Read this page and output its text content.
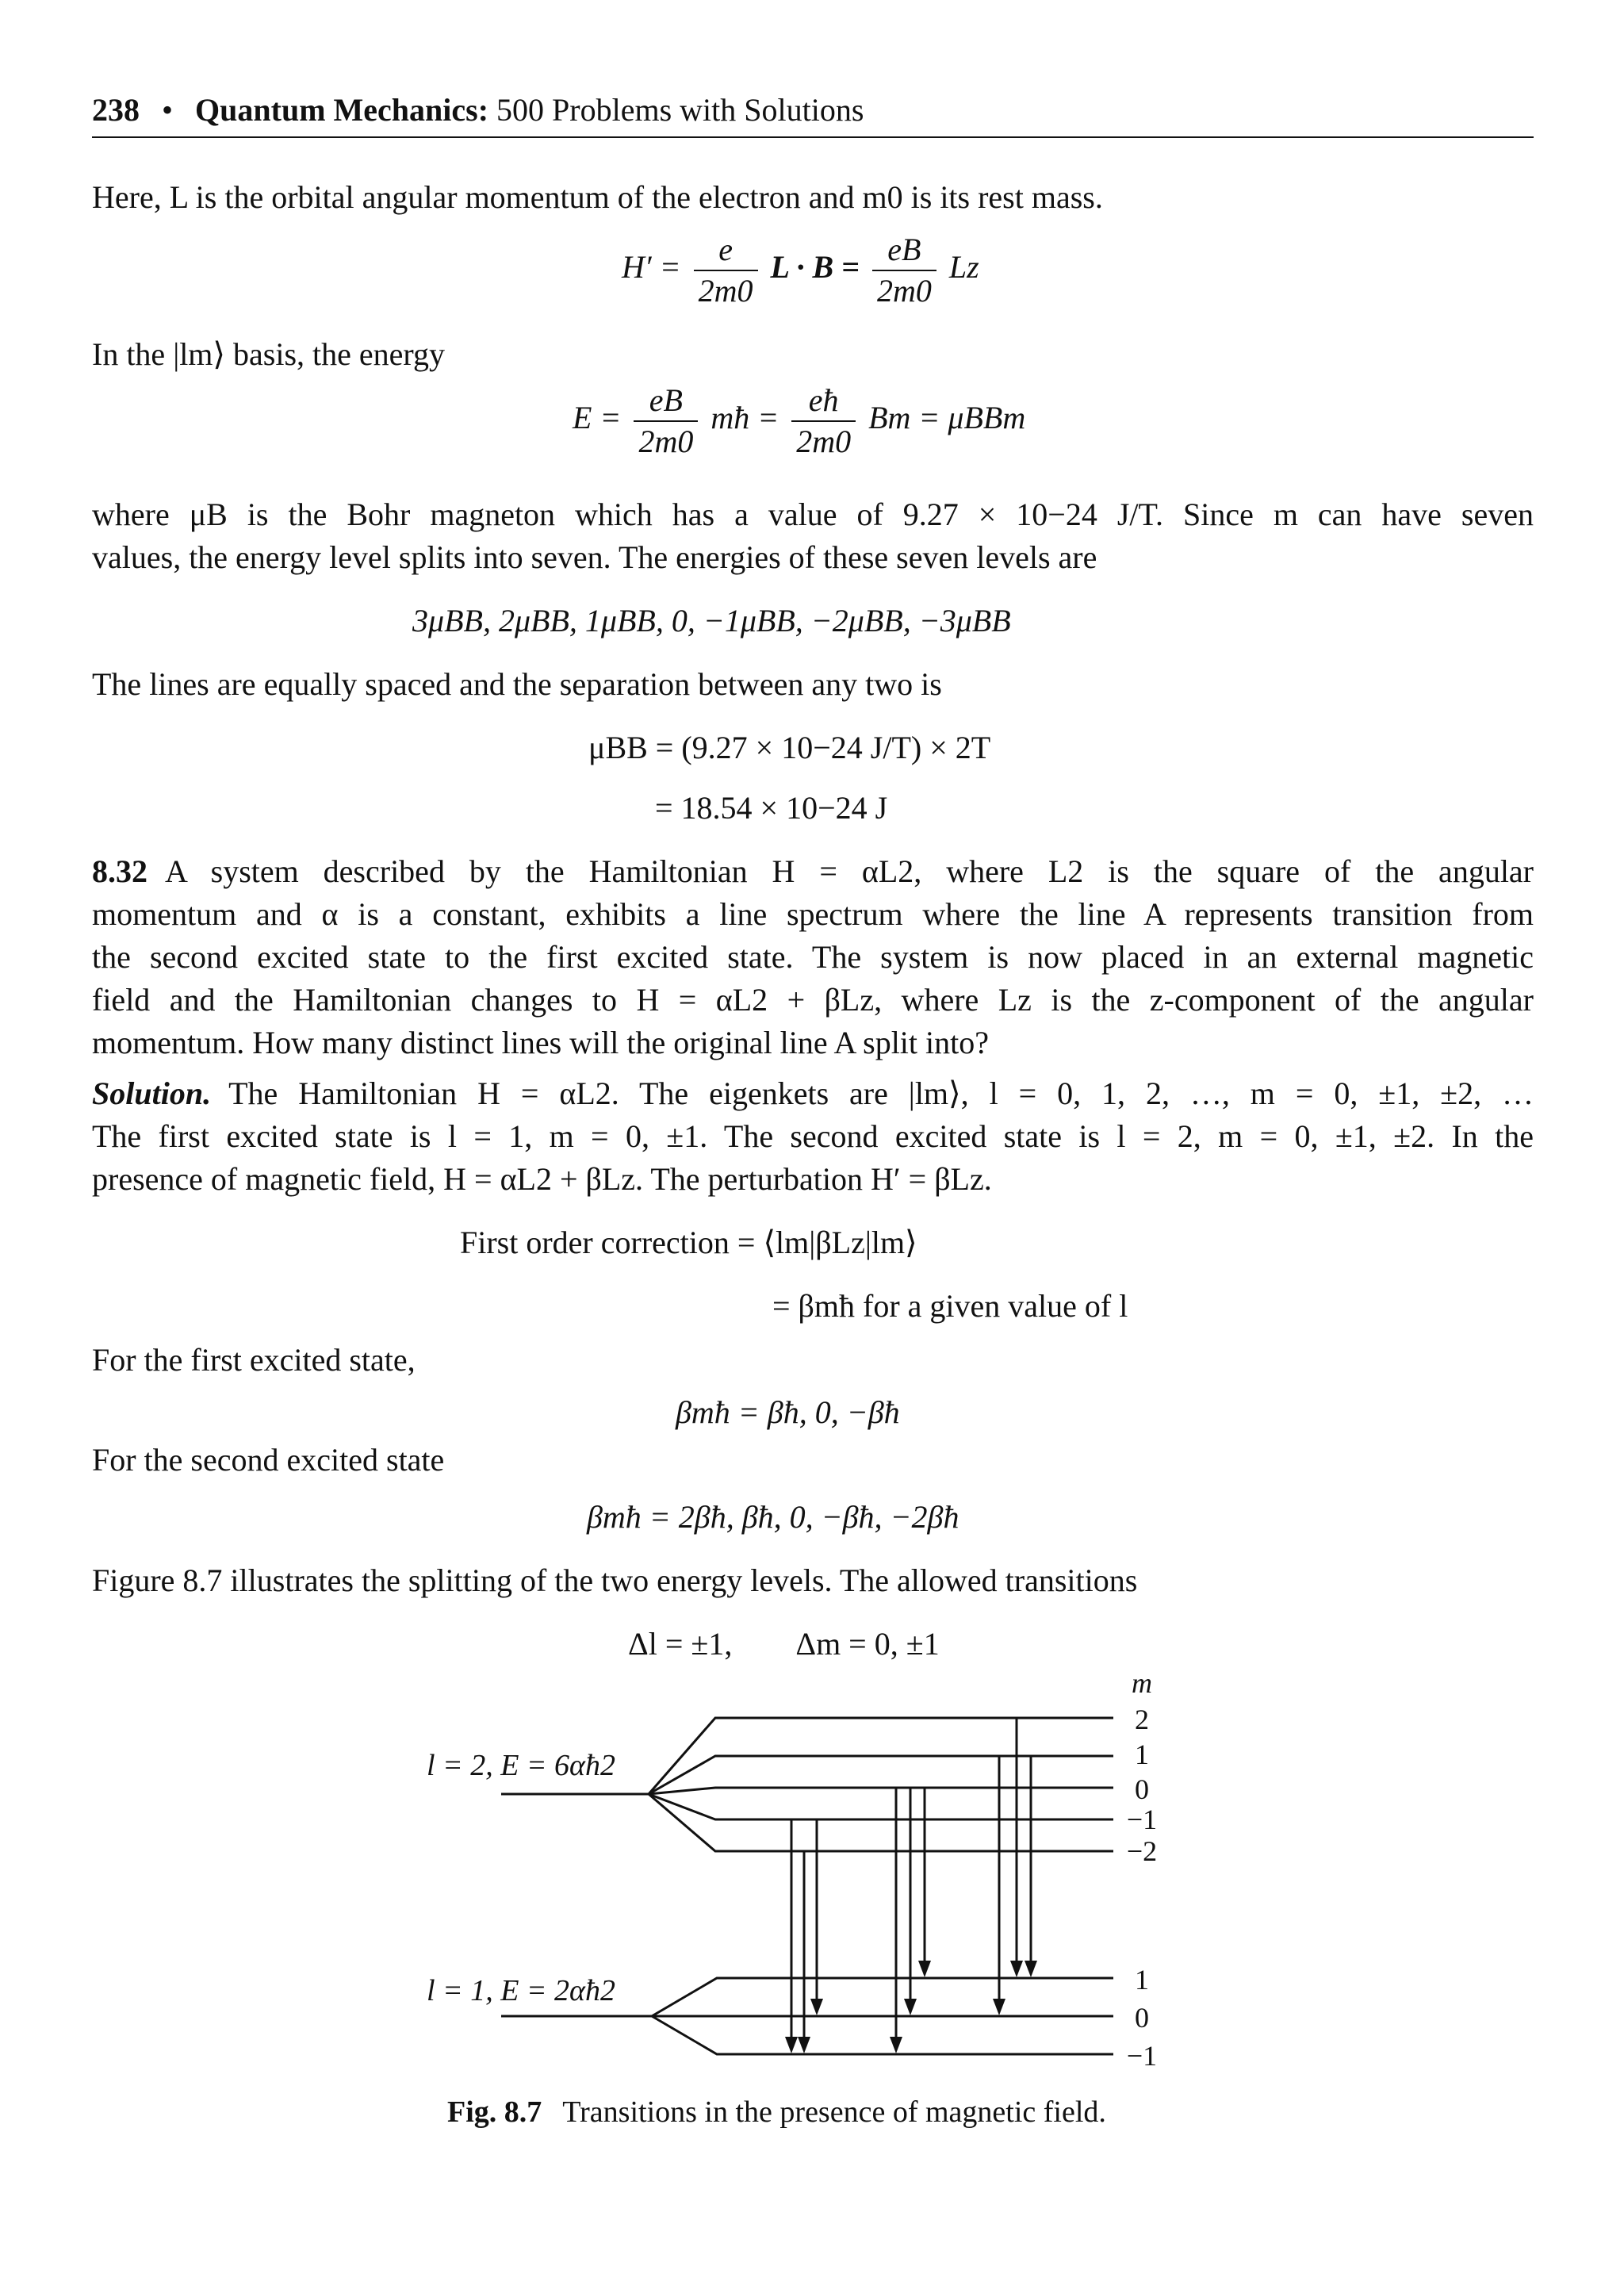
238 • Quantum Mechanics: 500 Problems with Solutions
Here, L is the orbital angular momentum of the electron and m0 is its rest mass.
$H' = \frac{e}{2m0}$ $L \cdot B = \frac{eB}{2m0}$ Lz
In the |lm⟩ basis, the energy
$E = \frac{eB}{2m0}$ mħ = $\frac{eħ}{2m0}$ Bm = μBBm
where μB is the Bohr magneton which has a value of 9.27 × 10−24 J/T. Since m can have seven
values, the energy level splits into seven. The energies of these seven levels are
3μBB, 2μBB, 1μBB, 0, −1μBB, −2μBB, −3μBB
The lines are equally spaced and the separation between any two is
μBB = (9.27 × 10−24 J/T) × 2T
= 18.54 × 10−24 J
8.32 A system described by the Hamiltonian H = αL2, where L2 is the square of the angular
momentum and α is a constant, exhibits a line spectrum where the line A represents transition from
the second excited state to the first excited state. The system is now placed in an external magnetic
field and the Hamiltonian changes to H = αL2 + βLz, where Lz is the z-component of the angular
momentum. How many distinct lines will the original line A split into?
Solution. The Hamiltonian H = αL2. The eigenkets are |lm⟩, l = 0, 1, 2, …, m = 0, ±1, ±2, …
The first excited state is l = 1, m = 0, ±1. The second excited state is l = 2, m = 0, ±1, ±2. In the
presence of magnetic field, H = αL2 + βLz. The perturbation H′ = βLz.
First order correction = ⟨lm|βLz|lm⟩
= βmħ for a given value of l
For the first excited state,
βmħ = βħ, 0, −βħ
For the second excited state
βmħ = 2βħ, βħ, 0, −βħ, −2βħ
Figure 8.7 illustrates the splitting of the two energy levels. The allowed transitions
Δl = ±1,        Δm = 0, ±1
m
l = 2, E = 6αħ2
l = 1, E = 2αħ2
2
1
0
−1
−2
1
0
−1
Fig. 8.7 Transitions in the presence of magnetic field.
